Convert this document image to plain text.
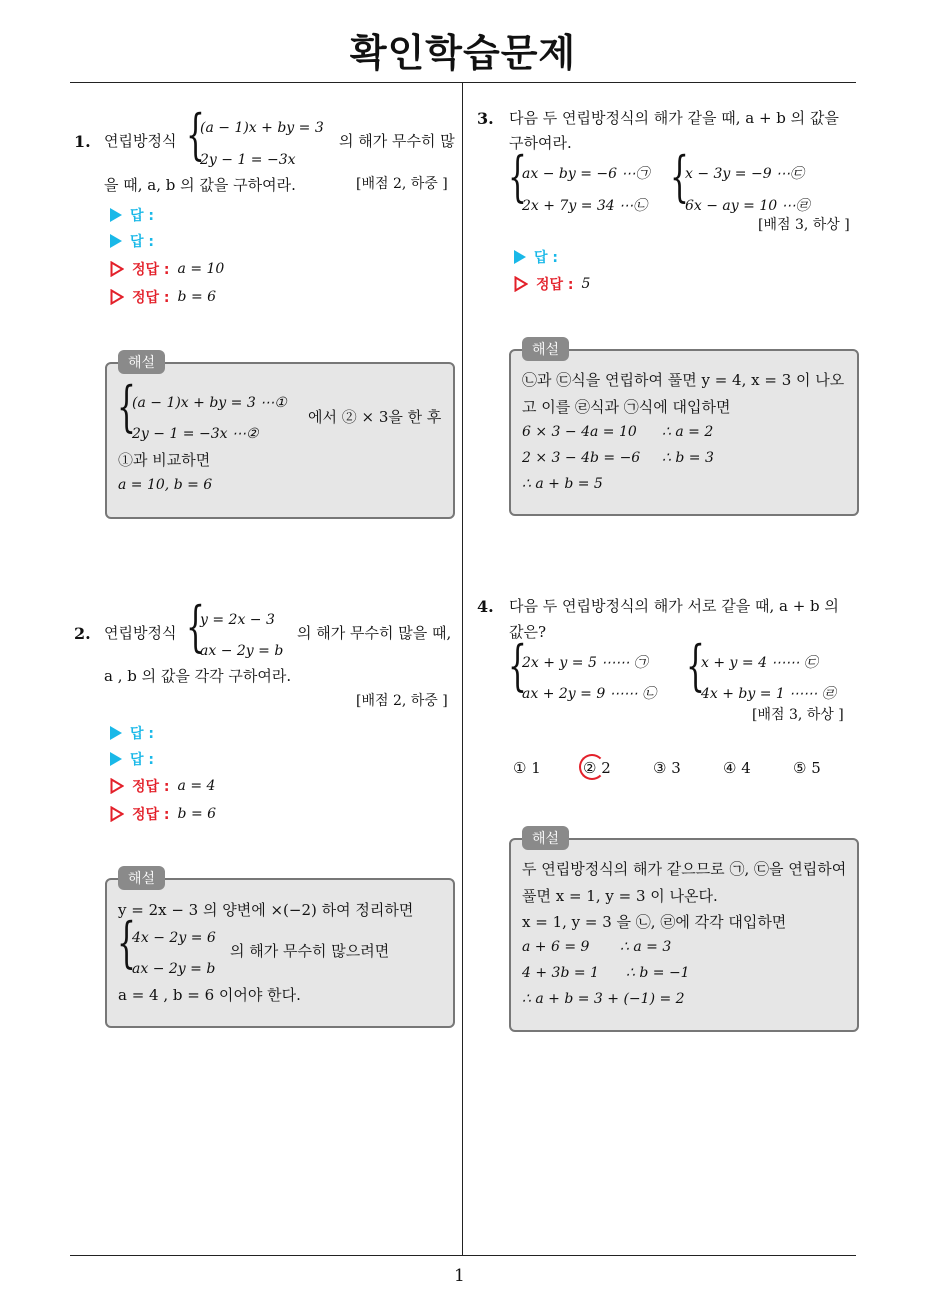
확인학습문제
1
1. 연립방정식 {
(a − 1)x + by = 3
2y − 1 = −3x
의 해가 무수히 많
을 때, a, b 의 값을 구하여라.	[배점 2, 하중 ]
답 :
답 :
정답 : a = 10
정답 : b = 6
해설
{
(a − 1)x + by = 3 ⋯①
2y − 1 = −3x ⋯②
에서 ② × 3을 한 후
①과 비교하면
a = 10, b = 6
2. 연립방정식 {
y = 2x − 3
ax − 2y = b
의 해가 무수히 많을 때,
a , b 의 값을 각각 구하여라.
[배점 2, 하중 ]
답 :
답 :
정답 : a = 4
정답 : b = 6
해설
y = 2x − 3 의 양변에 ×(−2) 하여 정리하면
{
4x − 2y = 6
ax − 2y = b
의 해가 무수히 많으려면
a = 4 , b = 6 이어야 한다.
3. 다음 두 연립방정식의 해가 같을 때, a + b 의 값을
구하여라.
{
ax − by = −6 ⋯㉠
2x + 7y = 34 ⋯㉡ {
x − 3y = −9 ⋯㉢
6x − ay = 10 ⋯㉣
[배점 3, 하상 ]
답 :
정답 : 5
해설
㉡과 ㉢식을 연립하여 풀면 y = 4, x = 3 이 나오
고 이를 ㉣식과 ㉠식에 대입하면
6 × 3 − 4a = 10 ∴ a = 2
2 × 3 − 4b = −6 ∴ b = 3
∴ a + b = 5
4. 다음 두 연립방정식의 해가 서로 같을 때, a + b 의
값은?
{
2x + y = 5 ⋯⋯ ㉠
ax + 2y = 9 ⋯⋯ ㉡ {
x + y = 4 ⋯⋯ ㉢
4x + by = 1 ⋯⋯ ㉣
[배점 3, 하상 ]
① 1	② 2	③ 3	④ 4	⑤ 5
해설
두 연립방정식의 해가 같으므로 ㉠, ㉢을 연립하여
풀면 x = 1, y = 3 이 나온다.
x = 1, y = 3 을 ㉡, ㉣에 각각 대입하면
a + 6 = 9 ∴ a = 3
4 + 3b = 1 ∴ b = −1
∴ a + b = 3 + (−1) = 2
